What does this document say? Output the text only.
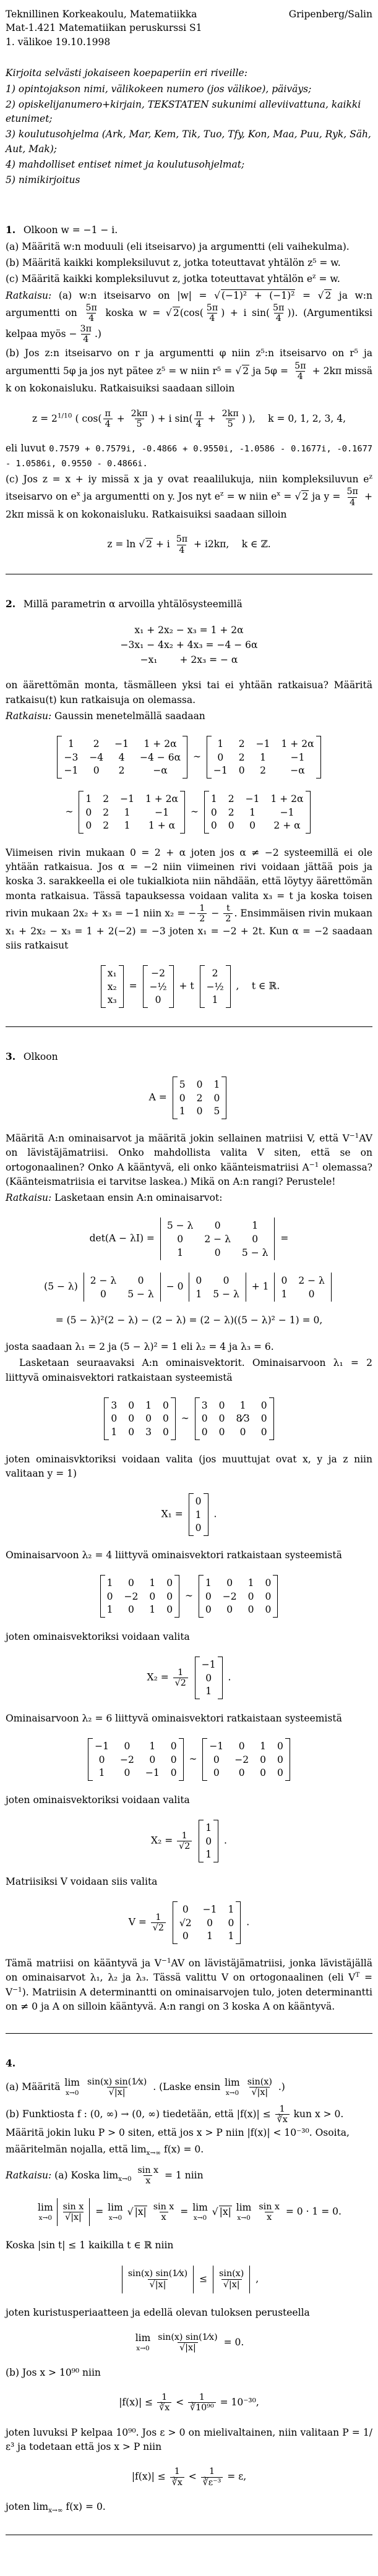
Teknillinen Korkeakoulu, Matematiikka	Gripenberg/Salin
Mat-1.421 Matematiikan peruskurssi S1
1. välikoe 19.10.1998
Kirjoita selvästi jokaiseen koepaperiin eri riveille:
1) opintojakson nimi, välikokeen numero (jos välikoe), päiväys;
2) opiskelijanumero+kirjain, TEKSTATEN sukunimi alleviivattuna, kaikki etunimet;
3) koulutusohjelma (Ark, Mar, Kem, Tik, Tuo, Tfy, Kon, Maa, Puu, Ryk, Säh, Aut, Mak);
4) mahdolliset entiset nimet ja koulutusohjelmat;
5) nimikirjoitus
1.  Olkoon w = −1 − i.
(a) Määritä w:n moduuli (eli itseisarvo) ja argumentti (eli vaihekulma).
(b) Määritä kaikki kompleksiluvut z, jotka toteuttavat yhtälön z⁵ = w.
(c) Määritä kaikki kompleksiluvut z, jotka toteuttavat yhtälön $e^z = w$.
Ratkaisu: (a) w:n itseisarvo on |w| = √ (−1)² + (−1)² = √ 2 ja w:n argumentti on $\frac{5\pi}{4}$ koska w = √ $2(\cos( \frac{5\pi}{4}$ ) + i $\sin( \frac{5\pi}{4}$ )). (Argumentiksi kelpaa myös − $\frac{3\pi}{4}$ .)
(b) Jos z:n itseisarvo on r ja argumentti φ niin z⁵:n itseisarvo on r⁵ ja argumentti 5φ ja jos nyt pätee z⁵ = w niin r⁵ = √ 2 ja $5\varphi = \frac{5\pi}{4} + 2k\pi$ missä k on kokonaisluku. Ratkaisuiksi saadaan silloin
$z = 2^{1/10}$ ( $\cos( \frac{\pi}{4} + \frac{2k\pi}{5}$ ) + i $\sin( \frac{\pi}{4} + \frac{2k\pi}{5}$ ) ),  k = 0, 1, 2, 3, 4,
eli luvut 0.7579 + 0.7579i, -0.4866 + 0.9550i, -1.0586 - 0.1677i, -0.1677 - 1.0586i, 0.9550 - 0.4866i.
(c) Jos z = x + iy missä x ja y ovat reaalilukuja, niin kompleksiluvun $e^z$ itseisarvo on $e^x$ ja argumentti on y. Jos nyt $e^z = w$ niin $e^x$ = √ 2 ja $y = \frac{5\pi}{4} + 2k\pi$ missä k on kokonaisluku. Ratkaisuiksi saadaan silloin
z = ln √ 2 + i $\frac{5\pi}{4} + i2k\pi$,  k ∈ ℤ.
2.  Millä parametrin α arvoilla yhtälösysteemillä
x₁ + 2x₂ − x₃ = 1 + 2α
−3x₁ − 4x₂ + 4x₃ = −4 − 6α
−x₁   + 2x₃ = − α
on äärettömän monta, täsmälleen yksi tai ei yhtään ratkaisua? Määritä ratkaisu(t) kun ratkaisuja on olemassa.
Ratkaisu: Gaussin menetelmällä saadaan
1 2 −1 1 + 2α
−3 −4 4 −4 − 6α
−1 0 2	−α
∼
1 2 −1 1 + 2α
0 2 1	−1
−1 0 2	−α
∼
1 2 −1 1 + 2α
0 2 1	−1
0 2 1 1 + α
∼
1 2 −1 1 + 2α
0 2 1	−1
0 0 0 2 + α
Viimeisen rivin mukaan 0 = 2 + α joten jos α ≠ −2 systeemillä ei ole yhtään ratkaisua. Jos α = −2 niin viimeinen rivi voidaan jättää pois ja koska 3. sarakkeella ei ole tukialkiota niin nähdään, että löytyy äärettömän monta ratkaisua. Tässä tapauksessa voidaan valita x₃ = t ja koska toisen rivin mukaan 2x₂ + x₃ = −1 niin x₂ = − $\frac{1}{2} - \frac{t}{2}$ . Ensimmäisen rivin mukaan x₁ + 2x₂ − x₃ = 1 + 2(−2) = −3 joten x₁ = −2 + 2t. Kun α = −2 saadaan siis ratkaisut
x₁
x₂
x₃
=
−2
−½
0
+ t
2
−½
1
,  t ∈ ℝ.
3.  Olkoon
A =
5 0 1
0 2 0
1 0 5
Määritä A:n ominaisarvot ja määritä jokin sellainen matriisi V, että $V^{-1}AV$ on lävistäjämatriisi. Onko mahdollista valita V siten, että se on ortogonaalinen? Onko A kääntyvä, eli onko käänteismatriisi $A^{-1}$ olemassa? (Käänteismatriisia ei tarvitse laskea.) Mikä on A:n rangi? Perustele!
Ratkaisu: Lasketaan ensin A:n ominaisarvot:
det(A − λI) =
5 − λ 0	1
0 2 − λ 0
1	0 5 − λ
=
(5 − λ)
2 − λ 0
0 5 − λ
− 0
0 0
1 5 − λ
+ 1
0 2 − λ
1 0
= (5 − λ)²(2 − λ) − (2 − λ) = (2 − λ)((5 − λ)² − 1) = 0,
josta saadaan λ₁ = 2 ja (5 − λ)² = 1 eli λ₂ = 4 ja λ₃ = 6.
Lasketaan seuraavaksi A:n ominaisvektorit. Ominaisarvoon λ₁ = 2 liittyvä ominaisvektori ratkaistaan systeemistä
3 0 1 0
0 0 0 0
1 0 3 0
∼
3 0 1 0
0 0 8⁄3 0
0 0 0 0
joten ominaisvktoriksi voidaan valita (jos muuttujat ovat x, y ja z niin valitaan y = 1)
X₁ =
0
1
0
.
Ominaisarvoon λ₂ = 4 liittyvä ominaisvektori ratkaistaan systeemistä
1 0 1 0
0 −2 0 0
1 0 1 0
∼
1 0 1 0
0 −2 0 0
0 0 0 0
joten ominaisvektoriksi voidaan valita
$X_2 = \frac{1}{√2}$

−1
0
1
.
Ominaisarvoon λ₂ = 6 liittyvä ominaisvektori ratkaistaan systeemistä
−1 0 1 0
0 −2 0 0
1 0 −1 0
∼
−1 0 1 0
0 −2 0 0
0 0 0 0
joten ominaisvektoriksi voidaan valita
$X_2 = \frac{1}{√2}$

1
0
1
.
Matriisiksi V voidaan siis valita
$V = \frac{1}{√2}$

0 −1 1
√2 0 0
0 1 1
.
Tämä matriisi on kääntyvä ja $V^{-1}AV$ on lävistäjämatriisi, jonka lävistäjällä on ominaisarvot λ₁, λ₂ ja λ₃. Tässä valittu V on ortogonaalinen (eli $V^T = V^{-1}$). Matriisin A determinantti on ominaisarvojen tulo, joten determinantti on ≠ 0 ja A on silloin kääntyvä. A:n rangi on 3 koska A on kääntyvä.
4.
(a) Määritä lim
x→0
$\frac{\sin(x) \sin(1⁄x)}{√|x|}$ . (Laske ensin lim
x→0
$\frac{\sin(x)}{√|x|}$ .)
(b) Funktiosta f : (0, ∞) → (0, ∞) tiedetään, että $|f(x)| \le \frac{1}{∛x}$ kun x > 0. Määritä jokin luku P > 0 siten, että jos x > P niin |f(x)| < 10⁻³⁰. Osoita, määritelmän nojalla, että $\lim_{x\to\infty} f(x) = 0$.
Ratkaisu: (a) Koska $\lim_{x\to 0} \frac{\text{sin x}}{x} = 1$ niin
lim
$x\to 0 \frac{\text{sin x}}{√|x|} = \lim$
x→0
√ $|x| \frac{\text{sin x}}{x} = \lim$
x→0
√ |x| lim
x→0
$\frac{\text{sin x}}{x} = 0 \cdot 1 = 0$.
Koska |sin t| ≤ 1 kaikilla t ∈ ℝ niin
$\frac{\sin(x) \sin(1⁄x)}{√|x|} \le \frac{\sin(x)}{√|x|}$ ,
joten kuristusperiaatteen ja edellä olevan tuloksen perusteella
lim
x→0
$\frac{\sin(x) \sin(1⁄x)}{√|x|} = 0$.
(b) Jos x > 10⁹⁰ niin
$|f(x)| \le \frac{1}{∛x} < \frac{1}{\text{∛10⁹⁰}} = 10^{-30}$,
joten luvuksi P kelpaa 10⁹⁰. Jos ε > 0 on mielivaltainen, niin valitaan P = 1/ε³ ja todetaan että jos x > P niin
$|f(x)| \le \frac{1}{∛x} < \frac{1}{\text{∛ε⁻³}} = \varepsilon$,
joten $\lim_{x\to\infty} f(x) = 0$.
